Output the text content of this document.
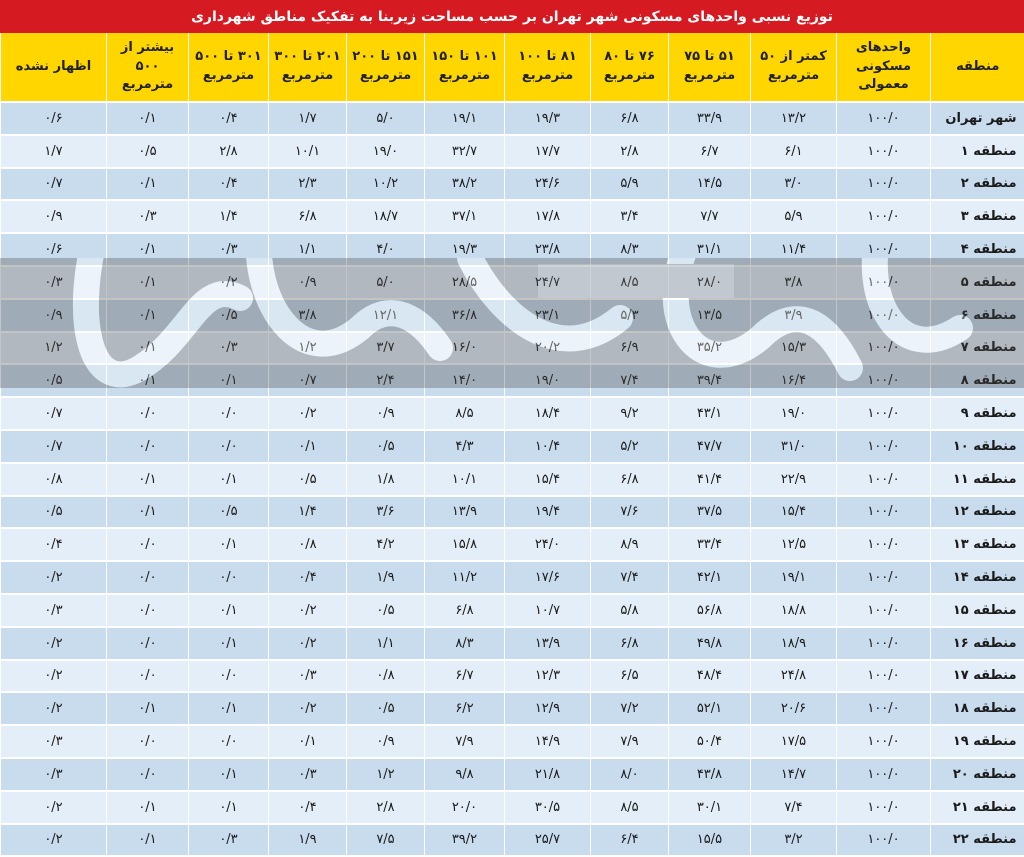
توزیع نسبی واحدهای مسکونی شهر تهران بر حسب مساحت زیربنا به تفکیک مناطق شهرداری
منطقه	واحدهای مسکونی معمولی	کمتر از ۵۰ مترمربع	۵۱ تا ۷۵ مترمربع	۷۶ تا ۸۰ مترمربع	۸۱ تا ۱۰۰ مترمربع	۱۰۱ تا ۱۵۰ مترمربع	۱۵۱ تا ۲۰۰ مترمربع	۲۰۱ تا ۳۰۰ مترمربع	۳۰۱ تا ۵۰۰ مترمربع	بیشتر از ۵۰۰ مترمربع	اظهار نشده
شهر تهران	۱۰۰/۰	۱۳/۲	۳۳/۹	۶/۸	۱۹/۳	۱۹/۱	۵/۰	۱/۷	۰/۴	۰/۱	۰/۶
منطقه ۱	۱۰۰/۰	۶/۱	۶/۷	۲/۸	۱۷/۷	۳۲/۷	۱۹/۰	۱۰/۱	۲/۸	۰/۵	۱/۷
منطقه ۲	۱۰۰/۰	۳/۰	۱۴/۵	۵/۹	۲۴/۶	۳۸/۲	۱۰/۲	۲/۳	۰/۴	۰/۱	۰/۷
منطقه ۳	۱۰۰/۰	۵/۹	۷/۷	۳/۴	۱۷/۸	۳۷/۱	۱۸/۷	۶/۸	۱/۴	۰/۳	۰/۹
منطقه ۴	۱۰۰/۰	۱۱/۴	۳۱/۱	۸/۳	۲۳/۸	۱۹/۳	۴/۰	۱/۱	۰/۳	۰/۱	۰/۶
منطقه ۵	۱۰۰/۰	۳/۸	۲۸/۰	۸/۵	۲۴/۷	۲۸/۵	۵/۰	۰/۹	۰/۲	۰/۱	۰/۳
منطقه ۶	۱۰۰/۰	۳/۹	۱۳/۵	۵/۳	۲۳/۱	۳۶/۸	۱۲/۱	۳/۸	۰/۵	۰/۱	۰/۹
منطقه ۷	۱۰۰/۰	۱۵/۳	۳۵/۲	۶/۹	۲۰/۲	۱۶/۰	۳/۷	۱/۲	۰/۳	۰/۱	۱/۲
منطقه ۸	۱۰۰/۰	۱۶/۴	۳۹/۴	۷/۴	۱۹/۰	۱۴/۰	۲/۴	۰/۷	۰/۱	۰/۱	۰/۵
منطقه ۹	۱۰۰/۰	۱۹/۰	۴۳/۱	۹/۲	۱۸/۴	۸/۵	۰/۹	۰/۲	۰/۰	۰/۰	۰/۷
منطقه ۱۰	۱۰۰/۰	۳۱/۰	۴۷/۷	۵/۲	۱۰/۴	۴/۳	۰/۵	۰/۱	۰/۰	۰/۰	۰/۷
منطقه ۱۱	۱۰۰/۰	۲۲/۹	۴۱/۴	۶/۸	۱۵/۴	۱۰/۱	۱/۸	۰/۵	۰/۱	۰/۱	۰/۸
منطقه ۱۲	۱۰۰/۰	۱۵/۴	۳۷/۵	۷/۶	۱۹/۴	۱۳/۹	۳/۶	۱/۴	۰/۵	۰/۱	۰/۵
منطقه ۱۳	۱۰۰/۰	۱۲/۵	۳۳/۴	۸/۹	۲۴/۰	۱۵/۸	۴/۲	۰/۸	۰/۱	۰/۰	۰/۴
منطقه ۱۴	۱۰۰/۰	۱۹/۱	۴۲/۱	۷/۴	۱۷/۶	۱۱/۲	۱/۹	۰/۴	۰/۰	۰/۰	۰/۲
منطقه ۱۵	۱۰۰/۰	۱۸/۸	۵۶/۸	۵/۸	۱۰/۷	۶/۸	۰/۵	۰/۲	۰/۱	۰/۰	۰/۳
منطقه ۱۶	۱۰۰/۰	۱۸/۹	۴۹/۸	۶/۸	۱۳/۹	۸/۳	۱/۱	۰/۲	۰/۱	۰/۰	۰/۲
منطقه ۱۷	۱۰۰/۰	۲۴/۸	۴۸/۴	۶/۵	۱۲/۳	۶/۷	۰/۸	۰/۳	۰/۰	۰/۰	۰/۲
منطقه ۱۸	۱۰۰/۰	۲۰/۶	۵۲/۱	۷/۲	۱۲/۹	۶/۲	۰/۵	۰/۲	۰/۱	۰/۱	۰/۲
منطقه ۱۹	۱۰۰/۰	۱۷/۵	۵۰/۴	۷/۹	۱۴/۹	۷/۹	۰/۹	۰/۱	۰/۰	۰/۰	۰/۳
منطقه ۲۰	۱۰۰/۰	۱۴/۷	۴۳/۸	۸/۰	۲۱/۸	۹/۸	۱/۲	۰/۳	۰/۱	۰/۰	۰/۳
منطقه ۲۱	۱۰۰/۰	۷/۴	۳۰/۱	۸/۵	۳۰/۵	۲۰/۰	۲/۸	۰/۴	۰/۱	۰/۱	۰/۲
منطقه ۲۲	۱۰۰/۰	۳/۲	۱۵/۵	۶/۴	۲۵/۷	۳۹/۲	۷/۵	۱/۹	۰/۳	۰/۱	۰/۲
